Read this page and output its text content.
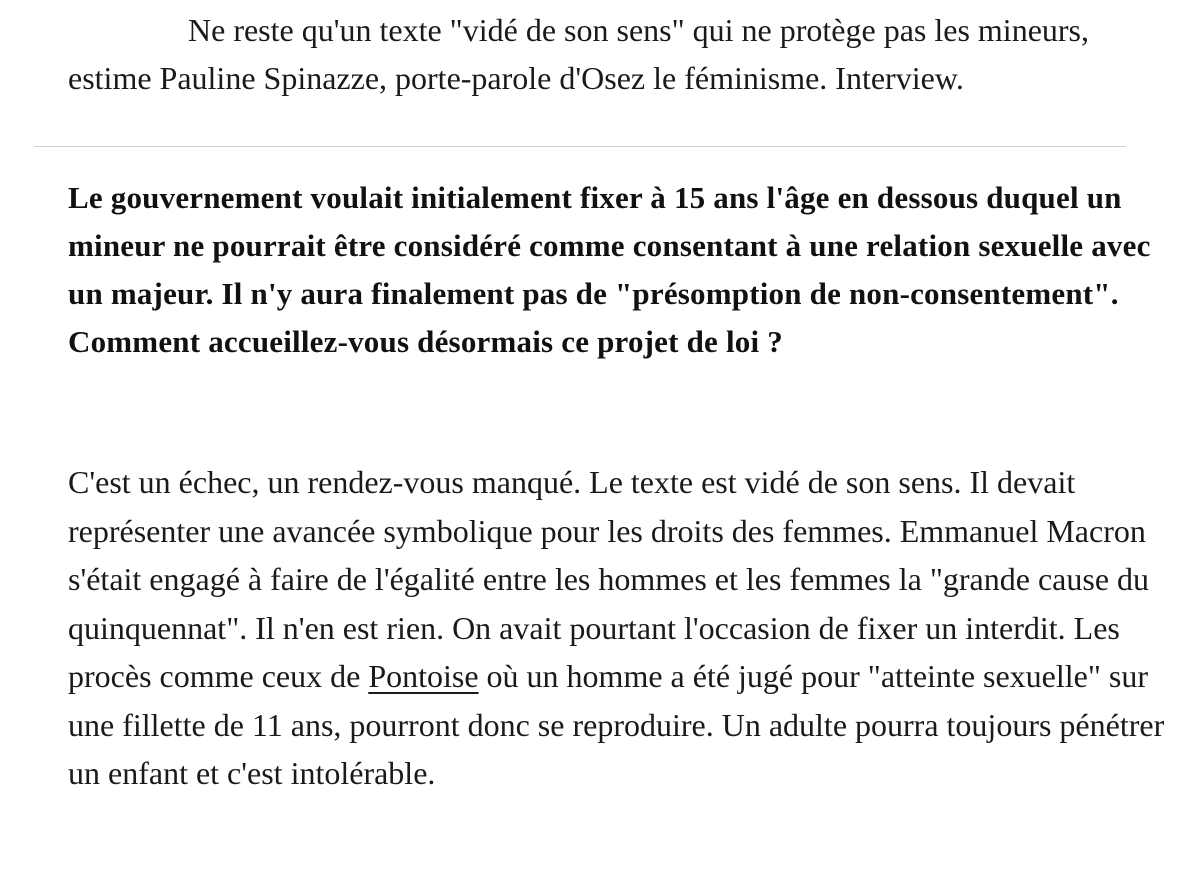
Ne reste qu'un texte "vidé de son sens" qui ne protège pas les mineurs, estime Pauline Spinazze, porte-parole d'Osez le féminisme. Interview.

Le gouvernement voulait initialement fixer à 15 ans l'âge en dessous duquel un mineur ne pourrait être considéré comme consentant à une relation sexuelle avec un majeur. Il n'y aura finalement pas de "présomption de non-consentement". Comment accueillez-vous désormais ce projet de loi ?

C'est un échec, un rendez-vous manqué. Le texte est vidé de son sens. Il devait représenter une avancée symbolique pour les droits des femmes. Emmanuel Macron s'était engagé à faire de l'égalité entre les hommes et les femmes la "grande cause du quinquennat". Il n'en est rien. On avait pourtant l'occasion de fixer un interdit. Les procès comme ceux de Pontoise où un homme a été jugé pour "atteinte sexuelle" sur une fillette de 11 ans, pourront donc se reproduire. Un adulte pourra toujours pénétrer un enfant et c'est intolérable.
